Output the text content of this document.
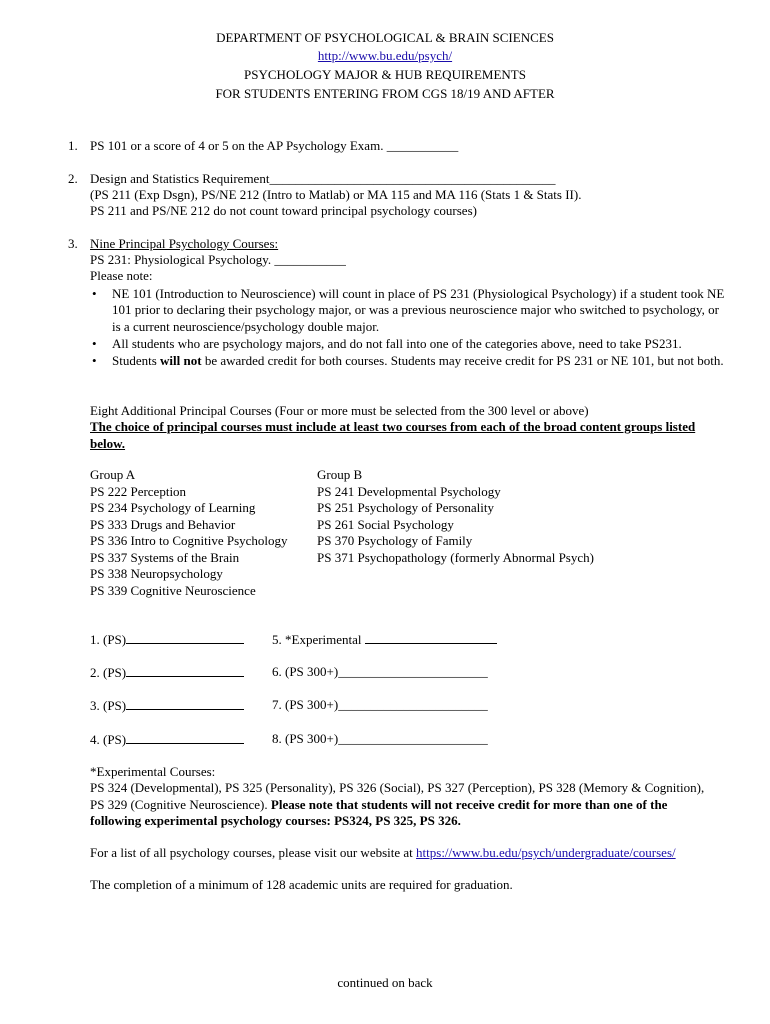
DEPARTMENT OF PSYCHOLOGICAL & BRAIN SCIENCES
http://www.bu.edu/psych/
PSYCHOLOGY MAJOR & HUB REQUIREMENTS
FOR STUDENTS ENTERING FROM CGS 18/19 AND AFTER
1. PS 101 or a score of 4 or 5 on the AP Psychology Exam. ___________
2. Design and Statistics Requirement____________________________________________
(PS 211 (Exp Dsgn), PS/NE 212 (Intro to Matlab) or MA 115 and MA 116 (Stats 1 & Stats II).
PS 211 and PS/NE 212 do not count toward principal psychology courses)
3. Nine Principal Psychology Courses:
PS 231: Physiological Psychology. ___________
Please note:
• NE 101 (Introduction to Neuroscience) will count in place of PS 231 (Physiological Psychology) if a student took NE 101 prior to declaring their psychology major, or was a previous neuroscience major who switched to psychology, or is a current neuroscience/psychology double major.
• All students who are psychology majors, and do not fall into one of the categories above, need to take PS231.
• Students will not be awarded credit for both courses. Students may receive credit for PS 231 or NE 101, but not both.
Eight Additional Principal Courses (Four or more must be selected from the 300 level or above)
The choice of principal courses must include at least two courses from each of the broad content groups listed below.
Group A
PS 222 Perception
PS 234 Psychology of Learning
PS 333 Drugs and Behavior
PS 336 Intro to Cognitive Psychology
PS 337 Systems of the Brain
PS 338 Neuropsychology
PS 339 Cognitive Neuroscience
Group B
PS 241 Developmental Psychology
PS 251 Psychology of Personality
PS 261 Social Psychology
PS 370 Psychology of Family
PS 371 Psychopathology (formerly Abnormal Psych)
1. (PS)
2. (PS)
3. (PS)
4. (PS)
5. *Experimental
6. (PS 300+)_______________________
7. (PS 300+)_______________________
8. (PS 300+)_______________________
*Experimental Courses:
PS 324 (Developmental), PS 325 (Personality), PS 326 (Social), PS 327 (Perception), PS 328 (Memory & Cognition), PS 329 (Cognitive Neuroscience). Please note that students will not receive credit for more than one of the following experimental psychology courses: PS324, PS 325, PS 326.
For a list of all psychology courses, please visit our website at https://www.bu.edu/psych/undergraduate/courses/
The completion of a minimum of 128 academic units are required for graduation.
continued on back
